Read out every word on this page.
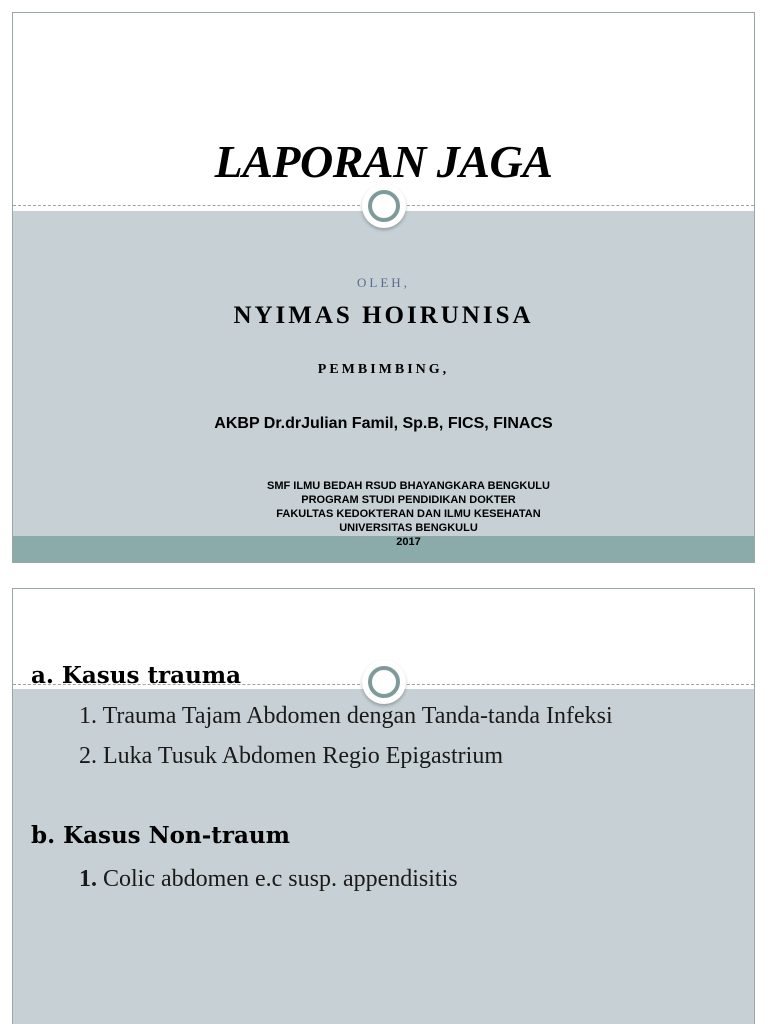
LAPORAN JAGA
OLEH,
NYIMAS HOIRUNISA
PEMBIMBING,
AKBP Dr.drJulian Famil, Sp.B, FICS, FINACS
SMF ILMU BEDAH RSUD BHAYANGKARA BENGKULU
PROGRAM STUDI PENDIDIKAN DOKTER
FAKULTAS KEDOKTERAN DAN ILMU KESEHATAN
UNIVERSITAS BENGKULU
2017
a. Kasus trauma
1. Trauma Tajam Abdomen dengan Tanda-tanda Infeksi
2. Luka Tusuk Abdomen Regio Epigastrium
b. Kasus Non-traum
1. Colic abdomen e.c susp. appendisitis
